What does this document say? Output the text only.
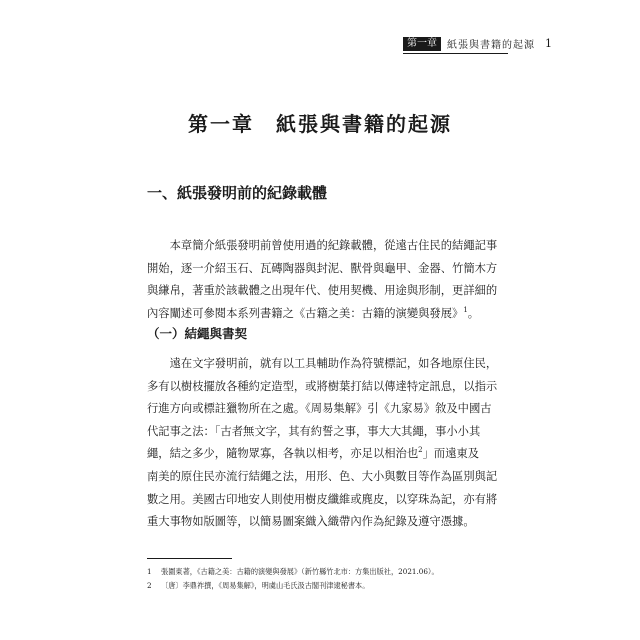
第一章	紙張與書籍的起源 1
第一章　紙張與書籍的起源
一、紙張發明前的紀錄載體
　　本章簡介紙張發明前曾使用過的紀錄載體，從遠古住民的結繩記事
開始，逐一介紹玉石、瓦磚陶器與封泥、獸骨與龜甲、金器、竹簡木方
與縑帛，著重於該載體之出現年代、使用契機、用途與形制，更詳細的
內容闡述可參閱本系列書籍之《古籍之美：古籍的演變與發展》$^1$。
（一）結繩與書契
　　遠在文字發明前，就有以工具輔助作為符號標記，如各地原住民，
多有以樹枝擺放各種約定造型，或將樹葉打結以傳達特定訊息，以指示
行進方向或標註獵物所在之處。《周易集解》引《九家易》敘及中國古
代記事之法：「古者無文字，其有約誓之事，事大大其繩，事小小其
繩，結之多少，隨物眾寡，各執以相考，亦足以相治也$^2$」而遠東及
南美的原住民亦流行結繩之法，用形、色、大小與數目等作為區別與記
數之用。美國古印地安人則使用樹皮纖維或麂皮，以穿珠為記，亦有將
重大事物如版圖等，以簡易圖案織入織帶內作為紀錄及遵守憑據。
1	張圍東著，《古籍之美：古籍的演變與發展》（新竹縣竹北市：方集出版社，2021.06）。
2	〔唐〕李鼎祚撰，《周易集解》，明虞山毛氏汲古閣刊津逮秘書本。
